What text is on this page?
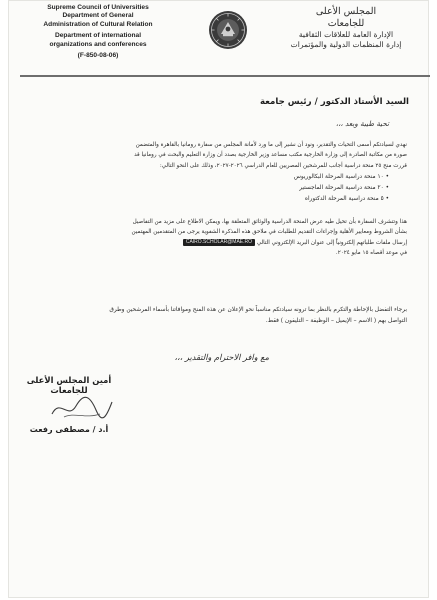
Supreme Council of Universities
Department of General
Administration of Cultural Relation
Department of international
organizations and conferences
(F-850-08-06)
المجلس الأعلى
للجامعات
الإدارة العامة للعلاقات الثقافية
إدارة المنظمات الدولية والمؤتمرات
السيد الأستاذ الدكتور / رئيس جامعة
تحية طيبة وبعد ،،،
نهدي لسيادتكم أسمى التحيات والتقدير، ونود أن نشير إلى ما ورد لأمانة المجلس من سفارة رومانيا بالقاهرة والمتضمن
صورة من مكاتبة الصادرة إلى وزارة الخارجية مكتب مساعد وزير الخارجية بصدد أن وزارة التعليم والبحث في رومانيا قد
قررت منح ٢٥ منحة دراسية أجانب للمرشحين المصريين للعام الدراسي ٢٠٢٦-٢٠٢٧، وذلك على النحو التالي:
• ١٠ منحة دراسية المرحلة البكالوريوس
• ٢٠ منحة دراسية المرحلة الماجستير
• ٥ منحة دراسية المرحلة الدكتوراه
هذا وتتشرف السفارة بأن تحيل طيه عرض المنحة الدراسية والوثائق المتعلقة بها، ويمكن الاطلاع على مزيد من التفاصيل
بشأن الشروط ومعايير الأهلية وإجراءات التقديم للطلبات في ملاحق هذه المذكرة الشفوية يرجى من المتقدمين المهتمين
إرسال ملفات طلباتهم إلكترونياً إلى عنوان البريد الإلكتروني التالي CAIRO.SCHOLAR@MAE.RO
في موعد أقصاه ١٥ مايو ٢٠٢٤.
برجاء التفضل بالإحاطة والتكرم بالنظر بما ترونه سيادتكم مناسباً نحو الإعلان عن هذه المنح وموافاتنا بأسماء المرشحين وطرق
التواصل بهم ( الاسم – الإيميل – الوظيفة – التليفون ) فقط.
مع وافر الاحترام والتقدير ،،،
أمين المجلس الأعلى للجامعات
أ.د / مصطفى رفعت
